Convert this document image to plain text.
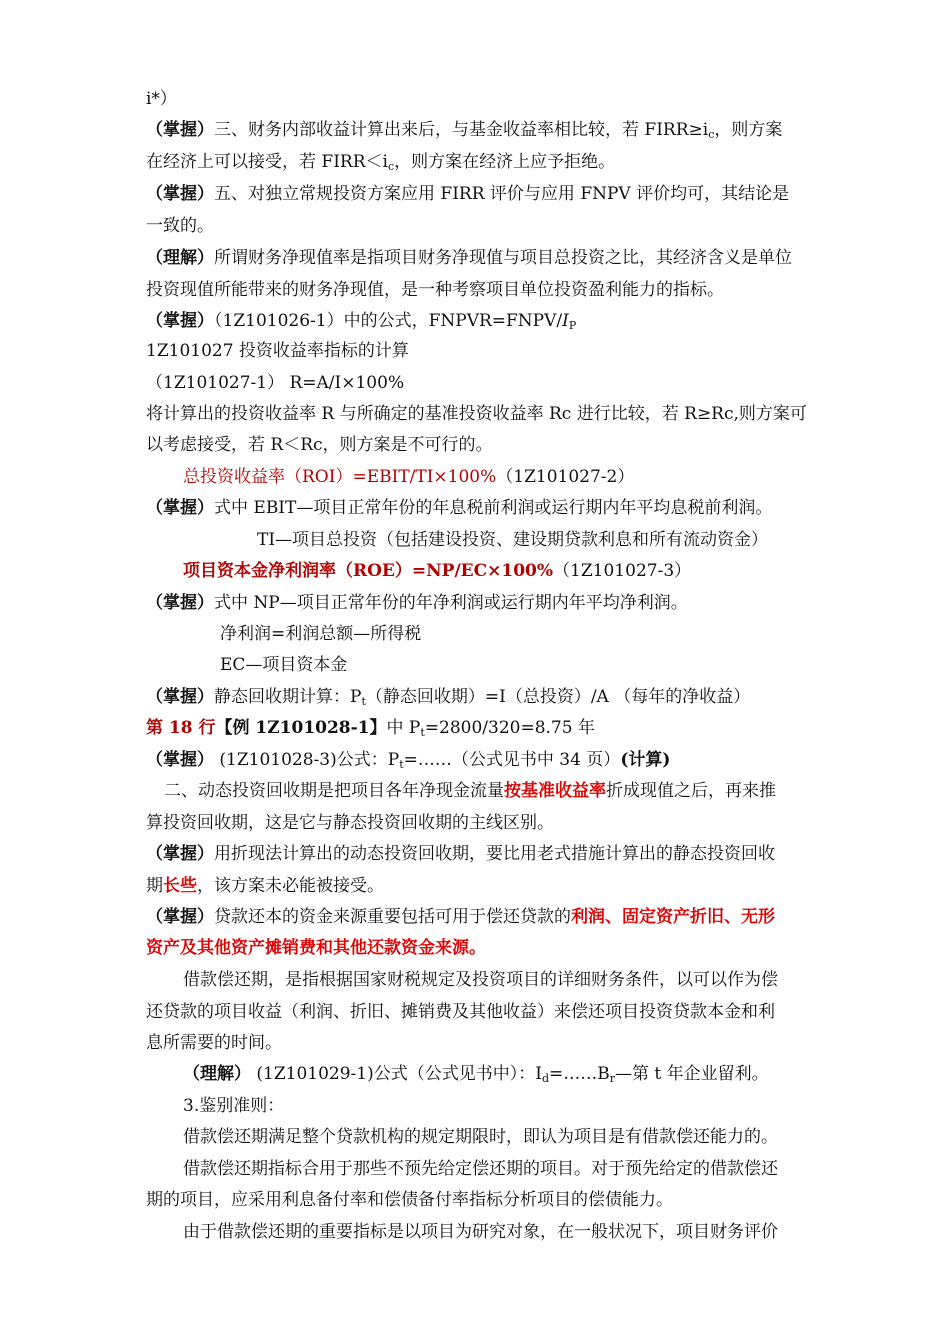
i*）
（掌握）三、财务内部收益计算出来后，与基金收益率相比较，若 $FIRR\ge i_c$，则方案
在经济上可以接受，若 $FIRR<i_c$，则方案在经济上应予拒绝。
（掌握）五、对独立常规投资方案应用 FIRR 评价与应用 FNPV 评价均可，其结论是
一致的。
（理解）所谓财务净现值率是指项目财务净现值与项目总投资之比，其经济含义是单位
投资现值所能带来的财务净现值，是一种考察项目单位投资盈利能力的指标。
（掌握）（1Z101026-1）中的公式，$FNPVR=FNPV/I_P$
1Z101027 投资收益率指标的计算
（1Z101027-1） R=A/I×100%
将计算出的投资收益率 R 与所确定的基准投资收益率 Rc 进行比较，若 R≥Rc,则方案可
以考虑接受，若 R＜Rc，则方案是不可行的。
总投资收益率（ROI）=EBIT/TI×100%（1Z101027-2）
（掌握）式中 EBIT—项目正常年份的年息税前利润或运行期内年平均息税前利润。
TI—项目总投资（包括建设投资、建设期贷款利息和所有流动资金）
项目资本金净利润率（ROE）=NP/EC×100%（1Z101027-3）
（掌握）式中 NP—项目正常年份的年净利润或运行期内年平均净利润。
净利润=利润总额—所得税
EC—项目资本金
（掌握）静态回收期计算：$P_t$（静态回收期）=I（总投资）/A （每年的净收益）
第 18 行【例 1Z101028-1】中 $P_t=2800/320=8.75$ 年
（掌握） (1Z101028-3)公式：$P_t=\dots\dots$（公式见书中 34 页）(计算)
二、动态投资回收期是把项目各年净现金流量按基准收益率折成现值之后，再来推
算投资回收期，这是它与静态投资回收期的主线区别。
（掌握）用折现法计算出的动态投资回收期，要比用老式措施计算出的静态投资回收
期长些，该方案未必能被接受。
（掌握）贷款还本的资金来源重要包括可用于偿还贷款的利润、固定资产折旧、无形
资产及其他资产摊销费和其他还款资金来源。
借款偿还期，是指根据国家财税规定及投资项目的详细财务条件，以可以作为偿
还贷款的项目收益（利润、折旧、摊销费及其他收益）来偿还项目投资贷款本金和利
息所需要的时间。
（理解） (1Z101029-1)公式（公式见书中）：$I_d=\dots\dots B_r—$第 t 年企业留利。
3.鉴别准则：
借款偿还期满足整个贷款机构的规定期限时，即认为项目是有借款偿还能力的。
借款偿还期指标合用于那些不预先给定偿还期的项目。对于预先给定的借款偿还
期的项目，应采用利息备付率和偿债备付率指标分析项目的偿债能力。
由于借款偿还期的重要指标是以项目为研究对象，在一般状况下，项目财务评价
